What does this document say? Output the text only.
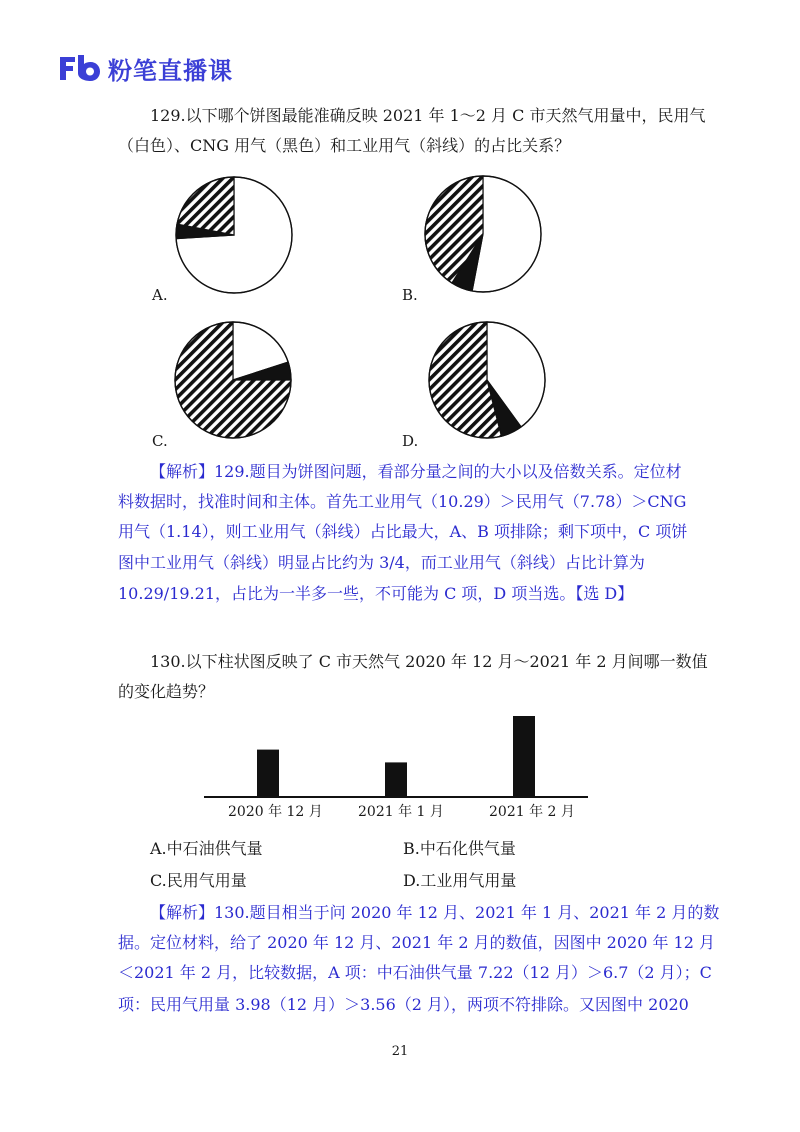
粉笔直播课
129.以下哪个饼图最能准确反映 2021 年 1～2 月 C 市天然气用量中，民用气
（白色）、CNG 用气（黑色）和工业用气（斜线）的占比关系？
A.	B.
C.	D.
【解析】129.题目为饼图问题，看部分量之间的大小以及倍数关系。定位材
料数据时，找准时间和主体。首先工业用气（10.29）＞民用气（7.78）＞CNG
用气（1.14），则工业用气（斜线）占比最大，A、B 项排除；剩下项中，C 项饼
图中工业用气（斜线）明显占比约为 3/4，而工业用气（斜线）占比计算为
10.29/19.21，占比为一半多一些，不可能为 C 项，D 项当选。【选 D】
130.以下柱状图反映了 C 市天然气 2020 年 12 月～2021 年 2 月间哪一数值
的变化趋势？
2020 年 12 月	2021 年 1 月	2021 年 2 月
A.中石油供气量	B.中石化供气量
C.民用气用量	D.工业用气用量
【解析】130.题目相当于问 2020 年 12 月、2021 年 1 月、2021 年 2 月的数
据。定位材料，给了 2020 年 12 月、2021 年 2 月的数值，因图中 2020 年 12 月
＜2021 年 2 月，比较数据，A 项：中石油供气量 7.22（12 月）＞6.7（2 月）；C
项：民用气用量 3.98（12 月）＞3.56（2 月），两项不符排除。又因图中 2020
21
